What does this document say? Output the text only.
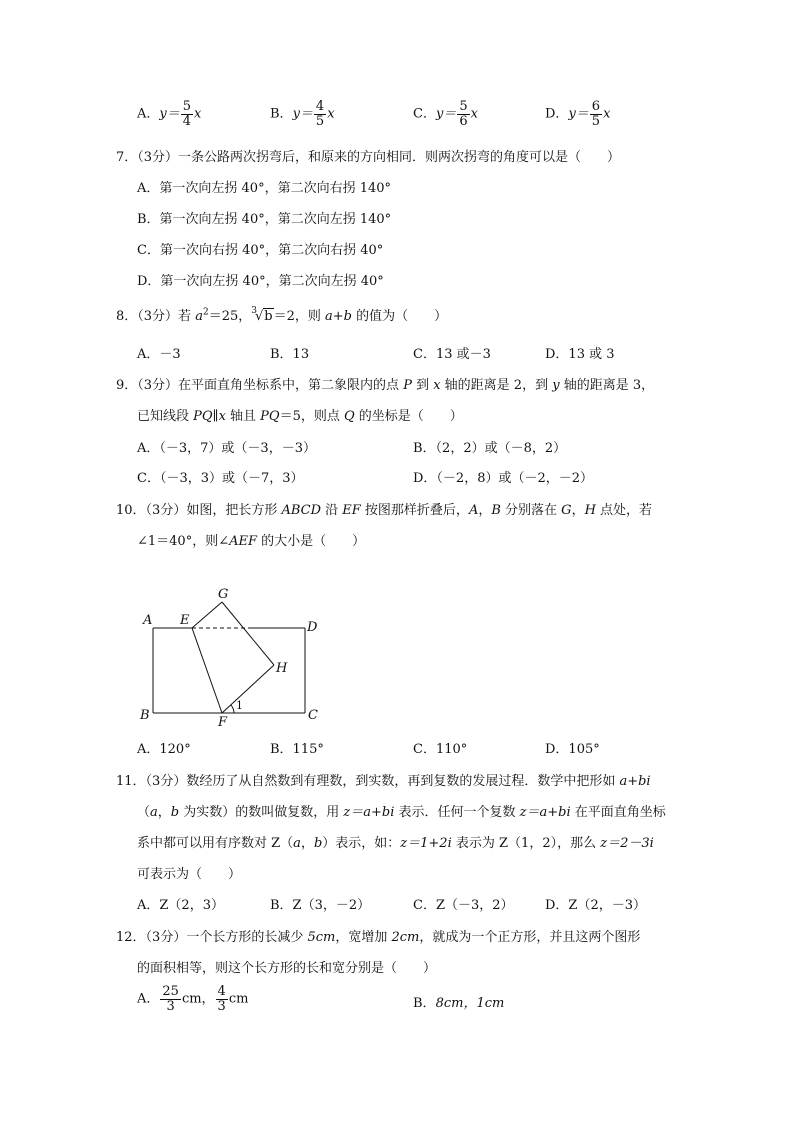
A．$y= \frac{5}{4}$ x	B．$y= \frac{4}{5}$ x	C．$y= \frac{5}{6}$ x	D．$y= \frac{6}{5}$ x
7．（3分）一条公路两次拐弯后，和原来的方向相同．则两次拐弯的角度可以是（　　）
A．第一次向左拐 40°，第二次向右拐 140°
B．第一次向左拐 40°，第二次向左拐 140°
C．第一次向右拐 40°，第二次向右拐 40°
D．第一次向左拐 40°，第二次向左拐 40°
8．（3分）若 $a^2=25$，$^3$√b＝2，则 a+b 的值为（　　）
A．－3	B．13	C．13 或－3	D．13 或 3
9．（3分）在平面直角坐标系中，第二象限内的点 P 到 x 轴的距离是 2，到 y 轴的距离是 3，
已知线段 PQ∥x 轴且 PQ＝5，则点 Q 的坐标是（　　）
A．（－3，7）或（－3，－3）	B．（2，2）或（－8，2）
C．（－3，3）或（－7，3）	D．（－2，8）或（－2，－2）
10．（3分）如图，把长方形 ABCD 沿 EF 按图那样折叠后，A，B 分别落在 G，H 点处，若
∠1＝40°，则∠AEF 的大小是（　　）
A E
G
D
H
B	F
1
C
A．120°	B．115°	C．110°	D．105°
11．（3分）数经历了从自然数到有理数，到实数，再到复数的发展过程．数学中把形如 a+bi
（a，b 为实数）的数叫做复数，用 z＝a+bi 表示．任何一个复数 z＝a+bi 在平面直角坐标
系中都可以用有序数对 Z（a，b）表示，如：z＝1+2i 表示为 Z（1，2），那么 z＝2－3i
可表示为（　　）
A．Z（2，3）	B．Z（3，－2）	C．Z（－3，2） D．Z（2，－3）
12．（3分）一个长方形的长减少 5cm，宽增加 2cm，就成为一个正方形，并且这两个图形
的面积相等，则这个长方形的长和宽分别是（　　）
A． $\frac{25}{3}$ cm， $\frac{4}{3}$ cm	B．8cm，1cm
